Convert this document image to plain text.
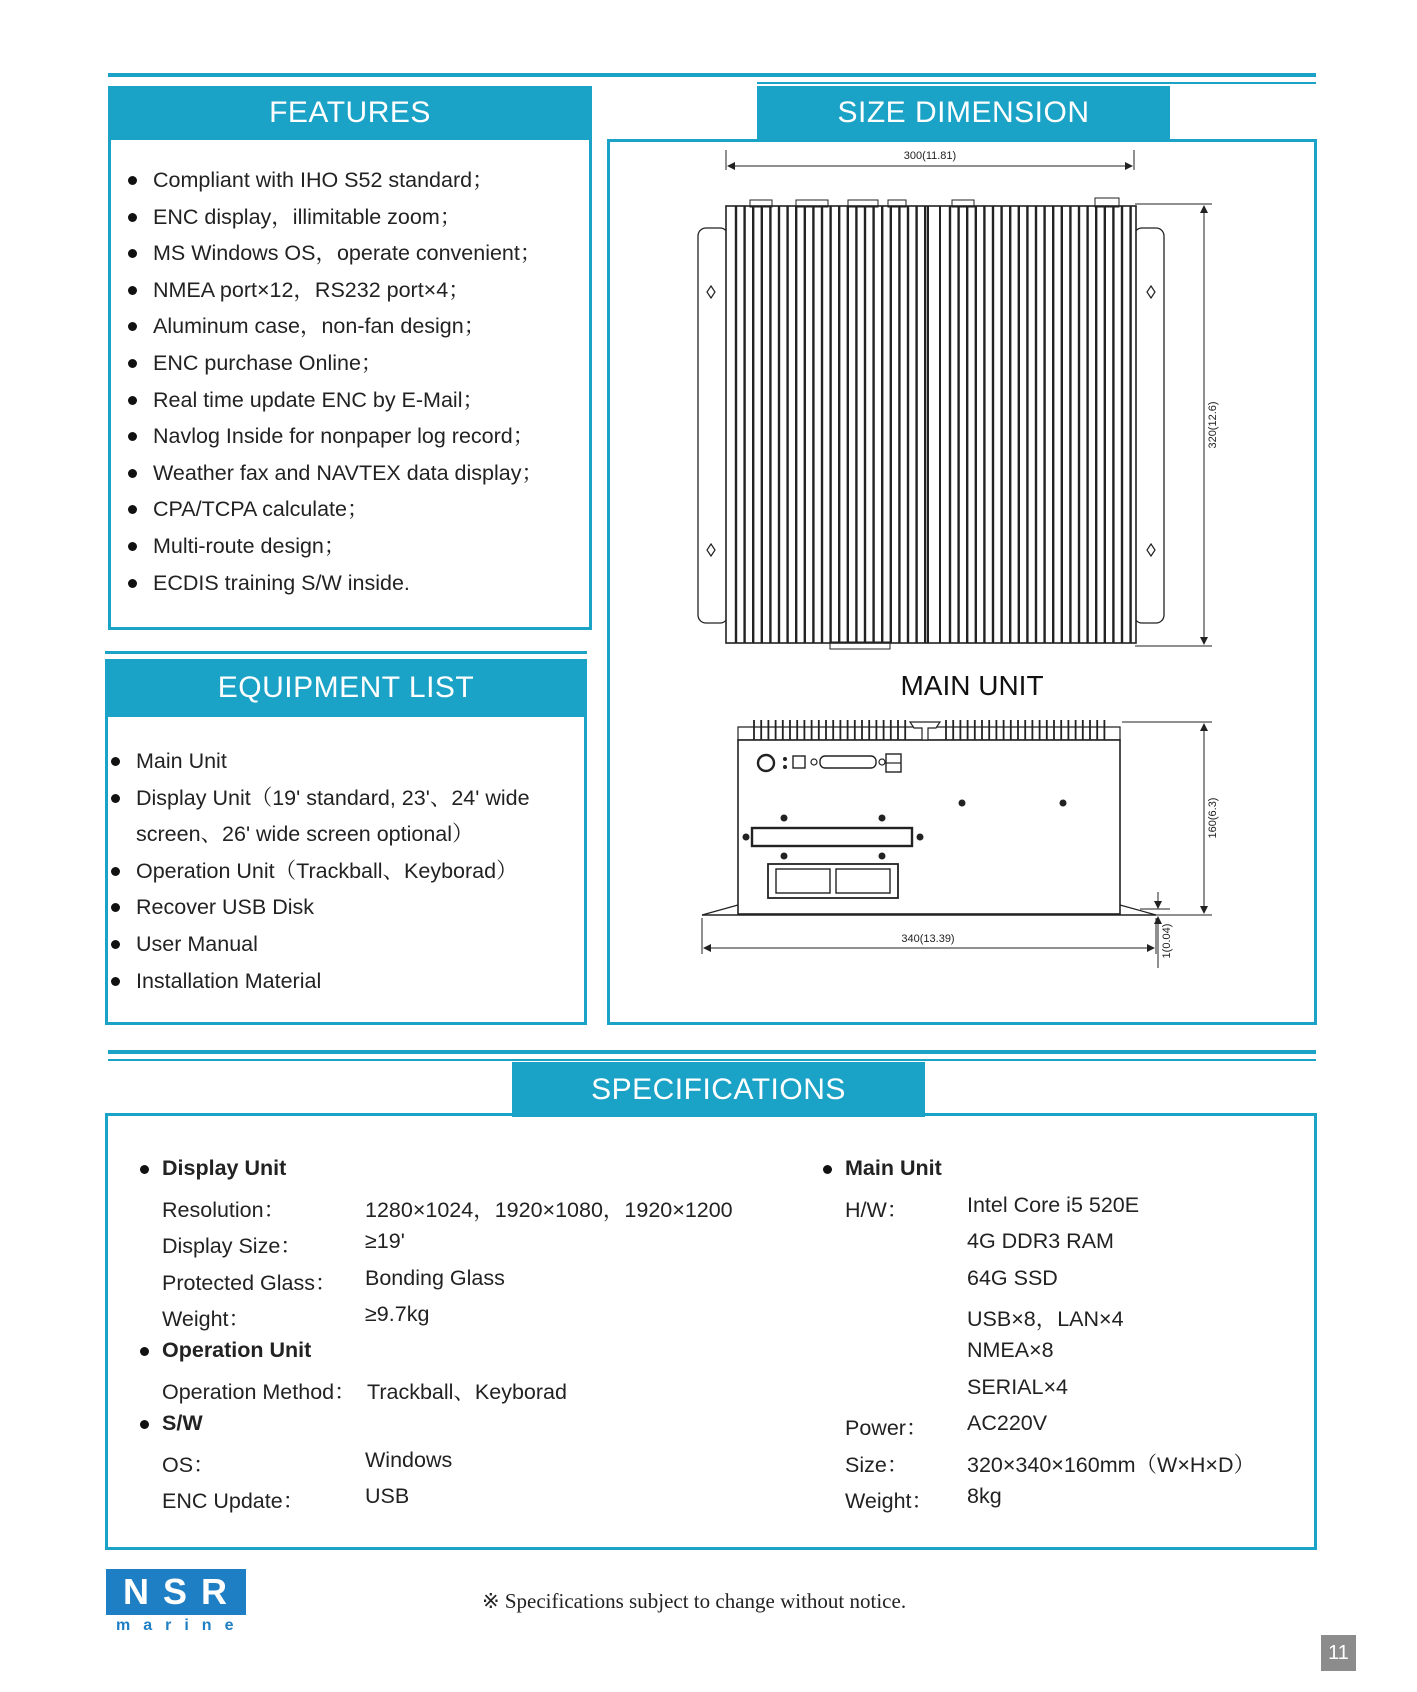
FEATURES
Compliant with IHO S52 standard；
ENC display，illimitable zoom；
MS Windows OS，operate convenient；
NMEA port×12，RS232 port×4；
Aluminum case，non-fan design；
ENC purchase Online；
Real time update ENC by E-Mail；
Navlog Inside for nonpaper log record；
Weather fax and NAVTEX data display；
CPA/TCPA calculate；
Multi-route design；
ECDIS training S/W inside.
EQUIPMENT LIST
Main Unit
Display Unit（19' standard, 23'、24' wide screen、26' wide screen optional）
Operation Unit（Trackball、Keyborad）
Recover USB Disk
User Manual
Installation Material
SIZE DIMENSION
300(11.81)
320(12.6)
MAIN UNIT
160(6.3)
340(13.39)	1(0.04)
SPECIFICATIONS
Display Unit
Resolution：	1280×1024，1920×1080，1920×1200
Display Size：	≥19'
Protected Glass： Bonding Glass
Weight：	≥9.7kg
Operation Unit
Operation Method： Trackball、Keyborad
S/W
OS：	Windows
ENC Update：	USB
Main Unit
H/W：	Intel Core i5 520E
4G DDR3 RAM
64G SSD
USB×8，LAN×4
NMEA×8
SERIAL×4
Power： AC220V
Size：	320×340×160mm（W×H×D）
Weight： 8kg
NSR
marine
※ Specifications subject to change without notice.
11
